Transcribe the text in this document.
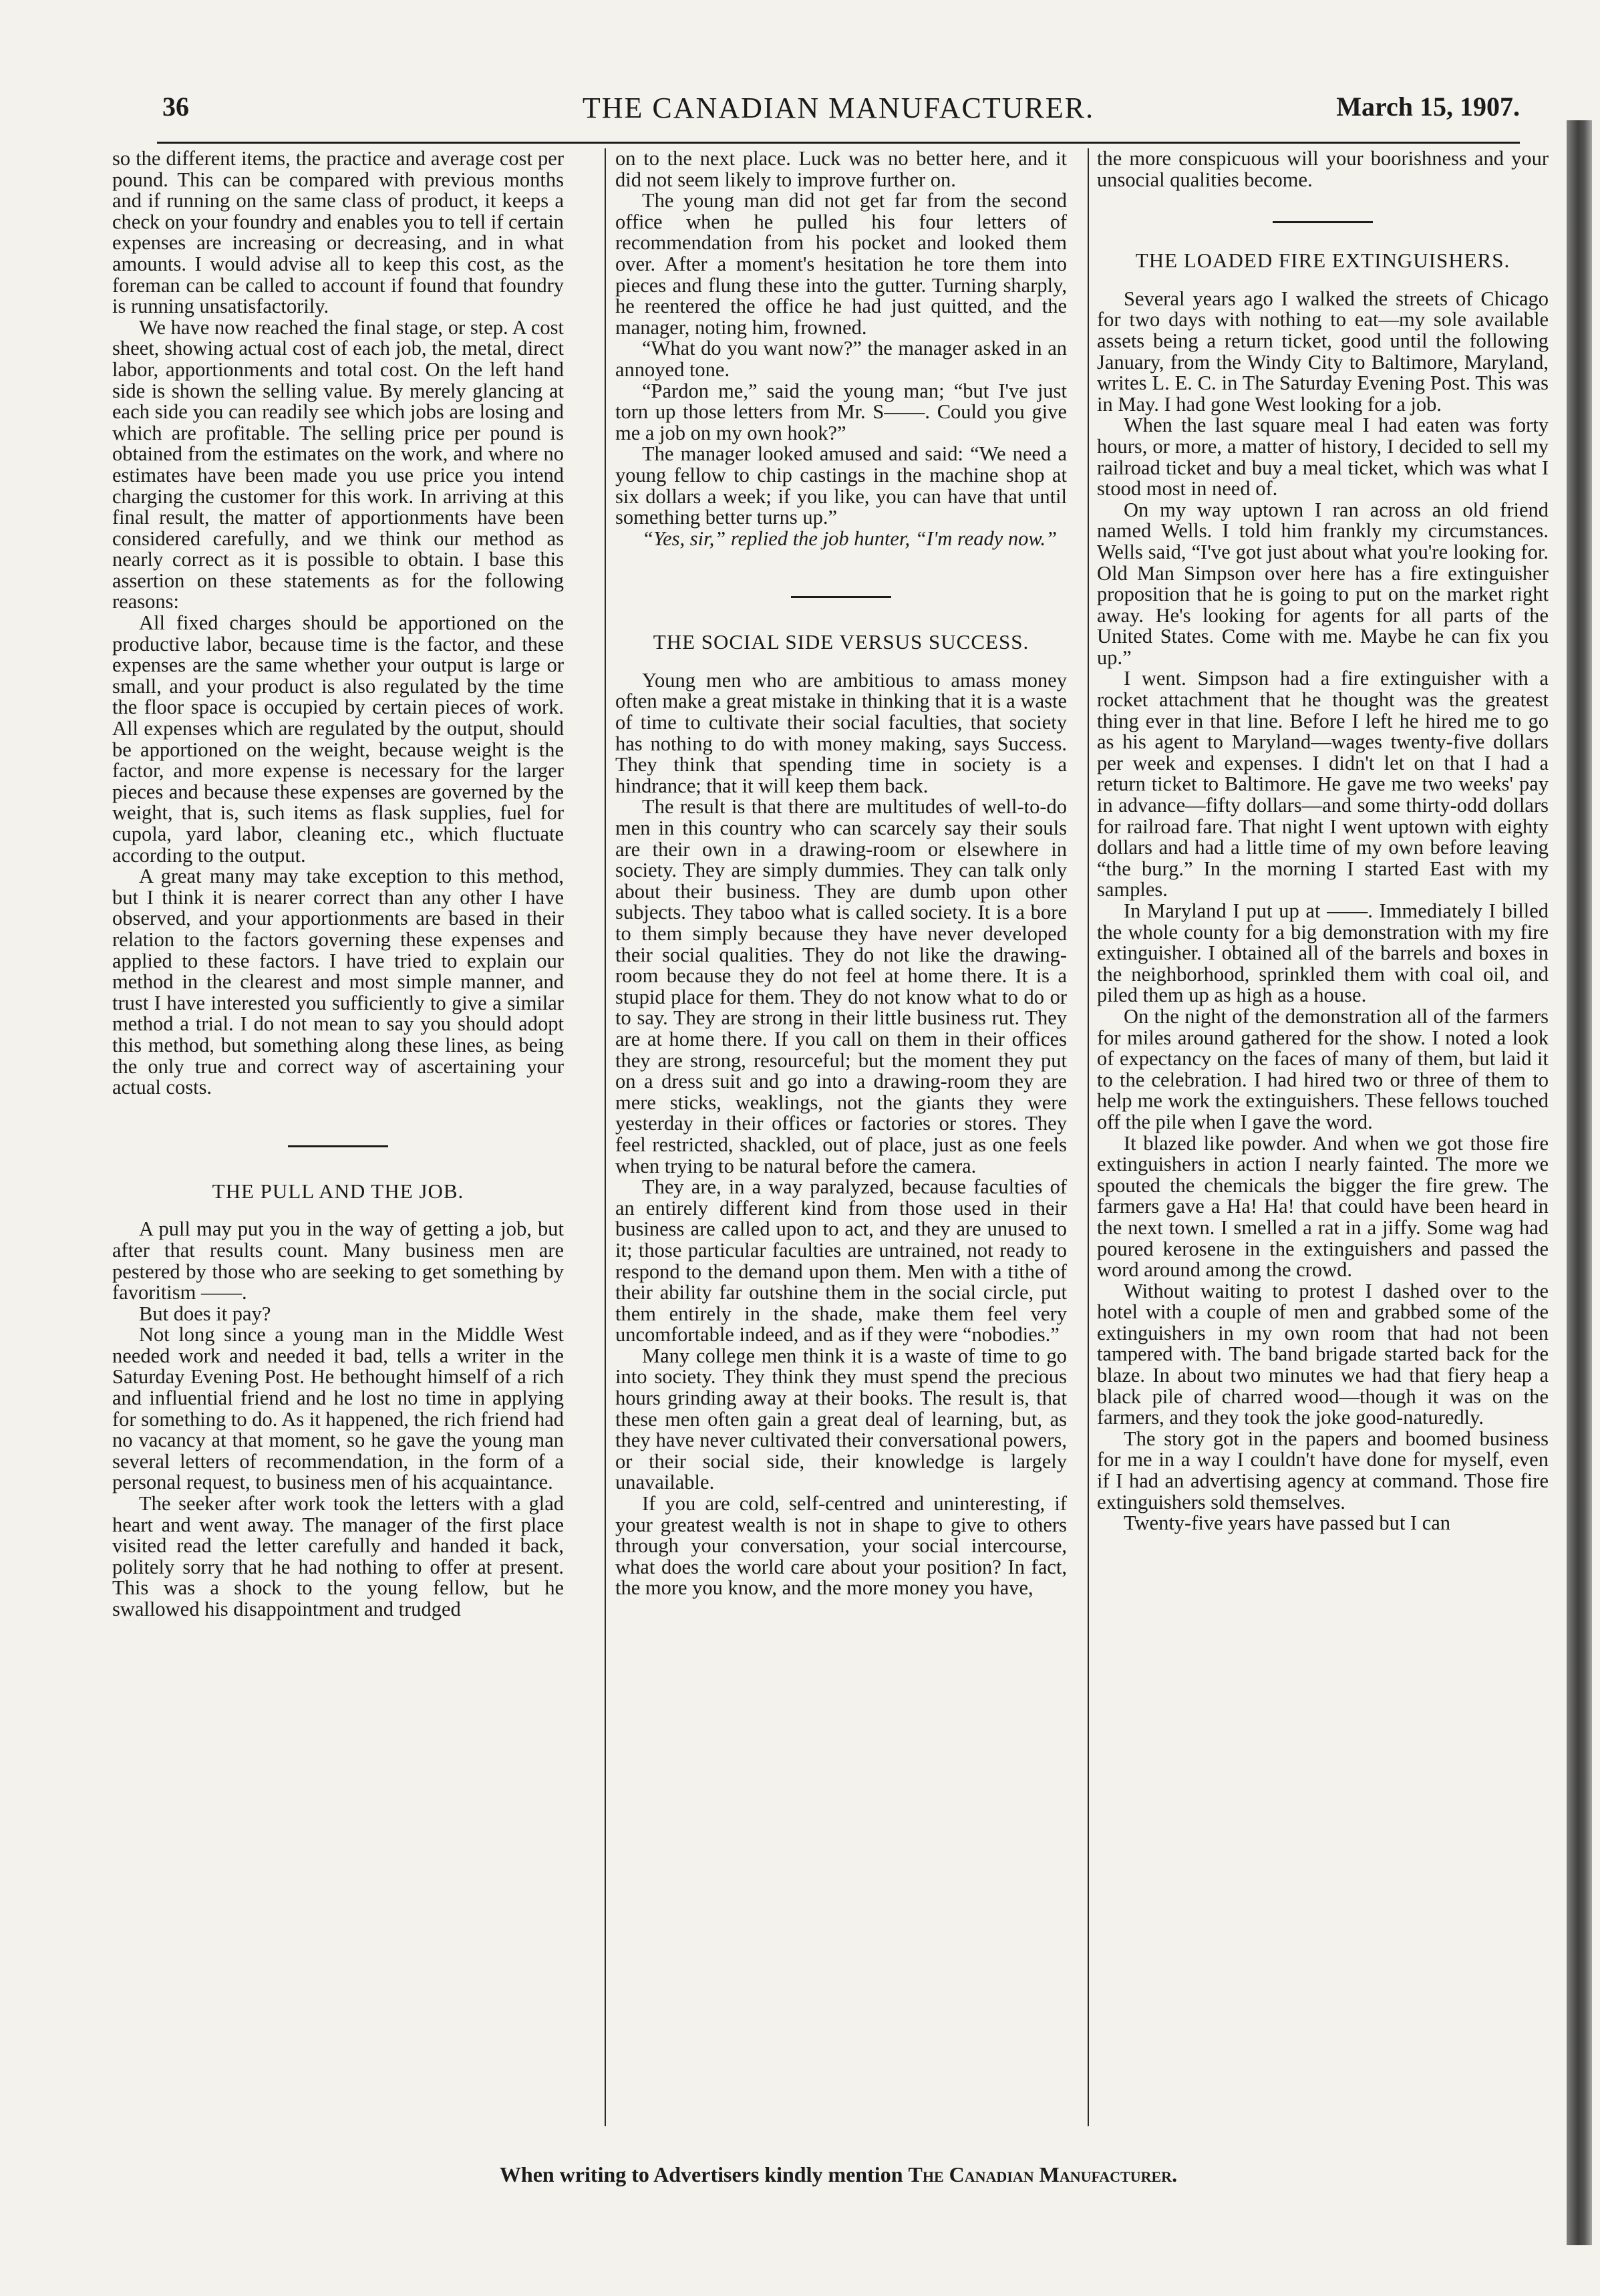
36	THE CANADIAN MANUFACTURER.	March 15, 1907.

so the different items, the practice and average cost per pound. This can be compared with previous months and if running on the same class of product, it keeps a check on your foundry and enables you to tell if certain expenses are increasing or decreasing, and in what amounts. I would advise all to keep this cost, as the foreman can be called to account if found that foundry is running unsatisfactorily.

We have now reached the final stage, or step. A cost sheet, showing actual cost of each job, the metal, direct labor, apportionments and total cost. On the left hand side is shown the selling value. By merely glancing at each side you can readily see which jobs are losing and which are profitable. The selling price per pound is obtained from the estimates on the work, and where no estimates have been made you use price you intend charging the customer for this work. In arriving at this final result, the matter of apportionments have been considered carefully, and we think our method as nearly correct as it is possible to obtain. I base this assertion on these statements as for the following reasons:

All fixed charges should be apportioned on the productive labor, because time is the factor, and these expenses are the same whether your output is large or small, and your product is also regulated by the time the floor space is occupied by certain pieces of work. All expenses which are regulated by the output, should be apportioned on the weight, because weight is the factor, and more expense is necessary for the larger pieces and because these expenses are governed by the weight, that is, such items as flask supplies, fuel for cupola, yard labor, cleaning etc., which fluctuate according to the output.

A great many may take exception to this method, but I think it is nearer correct than any other I have observed, and your apportionments are based in their relation to the factors governing these expenses and applied to these factors. I have tried to explain our method in the clearest and most simple manner, and trust I have interested you sufficiently to give a similar method a trial. I do not mean to say you should adopt this method, but something along these lines, as being the only true and correct way of ascertaining your actual costs.

THE PULL AND THE JOB.

A pull may put you in the way of getting a job, but after that results count. Many business men are pestered by those who are seeking to get something by favoritism ——.

But does it pay?

Not long since a young man in the Middle West needed work and needed it bad, tells a writer in the Saturday Evening Post. He bethought himself of a rich and influential friend and he lost no time in applying for something to do. As it happened, the rich friend had no vacancy at that moment, so he gave the young man several letters of recommendation, in the form of a personal request, to business men of his acquaintance.

The seeker after work took the letters with a glad heart and went away. The manager of the first place visited read the letter carefully and handed it back, politely sorry that he had nothing to offer at present. This was a shock to the young fellow, but he swallowed his disappointment and trudged

on to the next place. Luck was no better here, and it did not seem likely to improve further on.

The young man did not get far from the second office when he pulled his four letters of recommendation from his pocket and looked them over. After a moment's hesitation he tore them into pieces and flung these into the gutter. Turning sharply, he reentered the office he had just quitted, and the manager, noting him, frowned.

“What do you want now?” the manager asked in an annoyed tone.

“Pardon me,” said the young man; “but I've just torn up those letters from Mr. S——. Could you give me a job on my own hook?”

The manager looked amused and said: “We need a young fellow to chip castings in the machine shop at six dollars a week; if you like, you can have that until something better turns up.”

“Yes, sir,” replied the job hunter, “I'm ready now.”

THE SOCIAL SIDE VERSUS SUCCESS.

Young men who are ambitious to amass money often make a great mistake in thinking that it is a waste of time to cultivate their social faculties, that society has nothing to do with money making, says Success. They think that spending time in society is a hindrance; that it will keep them back.

The result is that there are multitudes of well-to-do men in this country who can scarcely say their souls are their own in a drawing-room or elsewhere in society. They are simply dummies. They can talk only about their business. They are dumb upon other subjects. They taboo what is called society. It is a bore to them simply because they have never developed their social qualities. They do not like the drawing-room because they do not feel at home there. It is a stupid place for them. They do not know what to do or to say. They are strong in their little business rut. They are at home there. If you call on them in their offices they are strong, resourceful; but the moment they put on a dress suit and go into a drawing-room they are mere sticks, weaklings, not the giants they were yesterday in their offices or factories or stores. They feel restricted, shackled, out of place, just as one feels when trying to be natural before the camera.

They are, in a way paralyzed, because faculties of an entirely different kind from those used in their business are called upon to act, and they are unused to it; those particular faculties are untrained, not ready to respond to the demand upon them. Men with a tithe of their ability far outshine them in the social circle, put them entirely in the shade, make them feel very uncomfortable indeed, and as if they were “nobodies.”

Many college men think it is a waste of time to go into society. They think they must spend the precious hours grinding away at their books. The result is, that these men often gain a great deal of learning, but, as they have never cultivated their conversational powers, or their social side, their knowledge is largely unavailable.

If you are cold, self-centred and uninteresting, if your greatest wealth is not in shape to give to others through your conversation, your social intercourse, what does the world care about your position? In fact, the more you know, and the more money you have,

the more conspicuous will your boorishness and your unsocial qualities become.

THE LOADED FIRE EXTINGUISHERS.

Several years ago I walked the streets of Chicago for two days with nothing to eat—my sole available assets being a return ticket, good until the following January, from the Windy City to Baltimore, Maryland, writes L. E. C. in The Saturday Evening Post. This was in May. I had gone West looking for a job.

When the last square meal I had eaten was forty hours, or more, a matter of history, I decided to sell my railroad ticket and buy a meal ticket, which was what I stood most in need of.

On my way uptown I ran across an old friend named Wells. I told him frankly my circumstances. Wells said, “I've got just about what you're looking for. Old Man Simpson over here has a fire extinguisher proposition that he is going to put on the market right away. He's looking for agents for all parts of the United States. Come with me. Maybe he can fix you up.”

I went. Simpson had a fire extinguisher with a rocket attachment that he thought was the greatest thing ever in that line. Before I left he hired me to go as his agent to Maryland—wages twenty-five dollars per week and expenses. I didn't let on that I had a return ticket to Baltimore. He gave me two weeks' pay in advance—fifty dollars—and some thirty-odd dollars for railroad fare. That night I went uptown with eighty dollars and had a little time of my own before leaving “the burg.” In the morning I started East with my samples.

In Maryland I put up at ——. Immediately I billed the whole county for a big demonstration with my fire extinguisher. I obtained all of the barrels and boxes in the neighborhood, sprinkled them with coal oil, and piled them up as high as a house.

On the night of the demonstration all of the farmers for miles around gathered for the show. I noted a look of expectancy on the faces of many of them, but laid it to the celebration. I had hired two or three of them to help me work the extinguishers. These fellows touched off the pile when I gave the word.

It blazed like powder. And when we got those fire extinguishers in action I nearly fainted. The more we spouted the chemicals the bigger the fire grew. The farmers gave a Ha! Ha! that could have been heard in the next town. I smelled a rat in a jiffy. Some wag had poured kerosene in the extinguishers and passed the word around among the crowd.

Without waiting to protest I dashed over to the hotel with a couple of men and grabbed some of the extinguishers in my own room that had not been tampered with. The band brigade started back for the blaze. In about two minutes we had that fiery heap a black pile of charred wood—though it was on the farmers, and they took the joke good-naturedly.

The story got in the papers and boomed business for me in a way I couldn't have done for myself, even if I had an advertising agency at command. Those fire extinguishers sold themselves.

Twenty-five years have passed but I can

When writing to Advertisers kindly mention The Canadian Manufacturer.
